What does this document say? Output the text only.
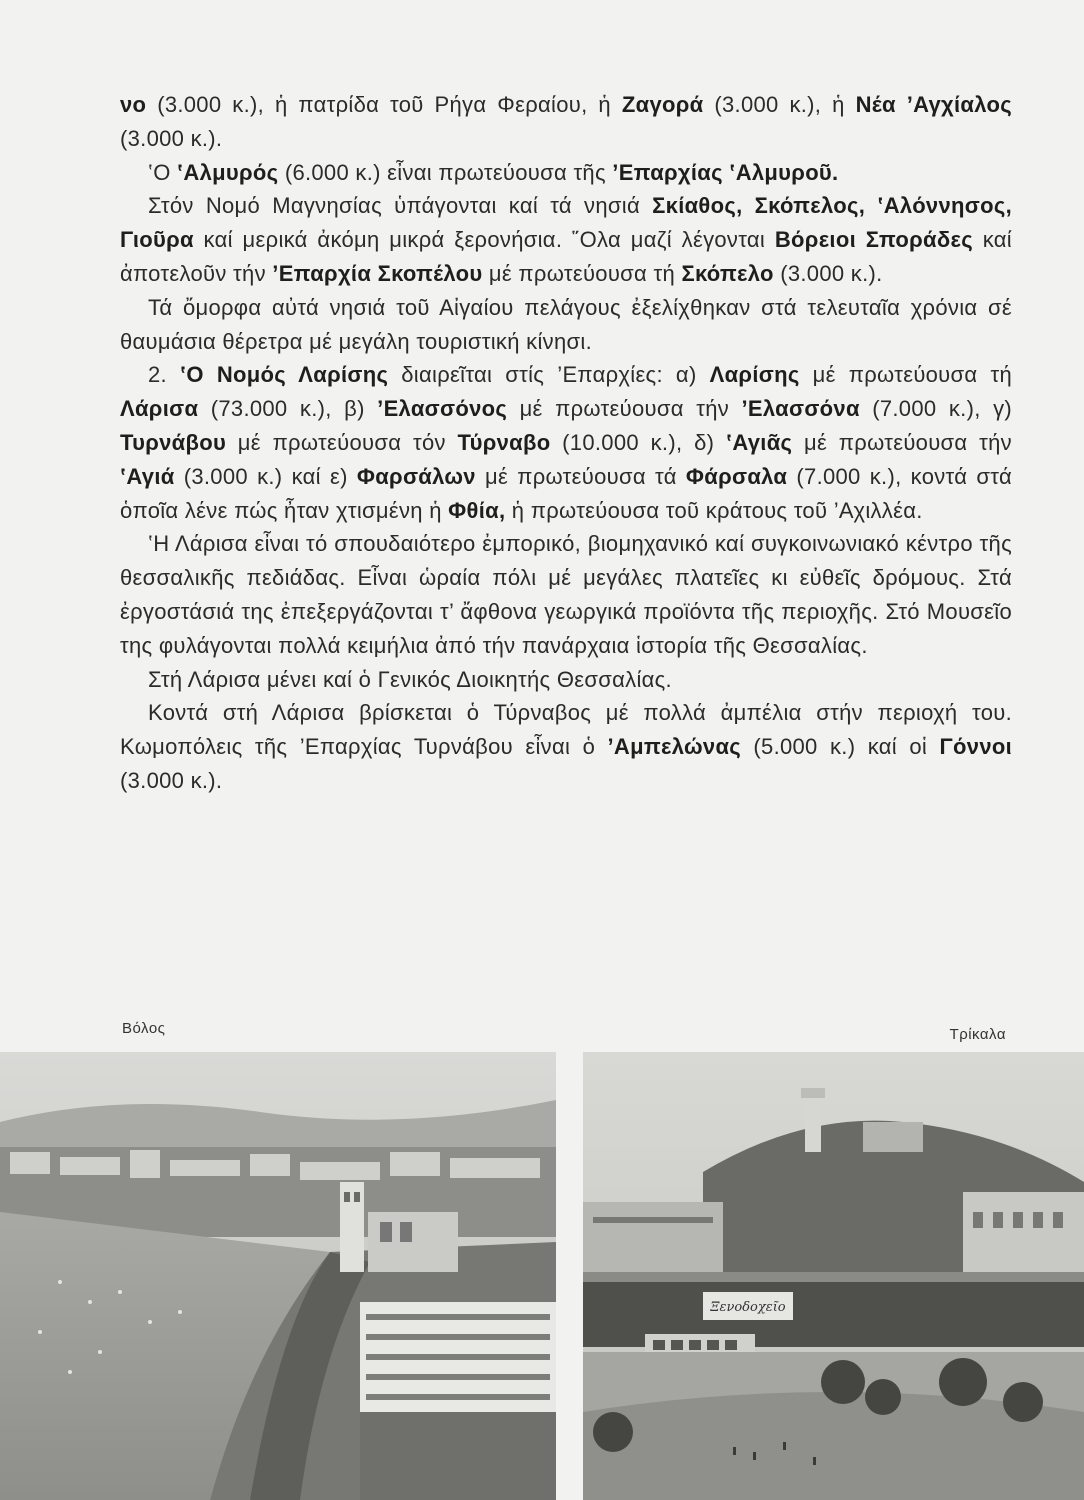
νο (3.000 κ.), ἡ πατρίδα τοῦ Ρήγα Φεραίου, ἡ Ζαγορά (3.000 κ.), ἡ Νέα ’Αγχίαλος (3.000 κ.).

‛Ο ‛Αλμυρός (6.000 κ.) εἶναι πρωτεύουσα τῆς ’Επαρχίας ‛Αλμυροῦ.

Στόν Νομό Μαγνησίας ὑπάγονται καί τά νησιά Σκίαθος, Σκόπελος, ‛Αλόννησος, Γιοῦρα καί μερικά ἀκόμη μικρά ξερονήσια. ῞Ολα μαζί λέγονται Βόρειοι Σποράδες καί ἀποτελοῦν τήν ’Επαρχία Σκοπέλου μέ πρωτεύουσα τή Σκόπελο (3.000 κ.).

Τά ὄμορφα αὐτά νησιά τοῦ Αἰγαίου πελάγους ἐξελίχθηκαν στά τελευταῖα χρόνια σέ θαυμάσια θέρετρα μέ μεγάλη τουριστική κίνησι.

2. ‛Ο Νομός Λαρίσης διαιρεῖται στίς ’Επαρχίες: α) Λαρίσης μέ πρωτεύουσα τή Λάρισα (73.000 κ.), β) ’Ελασσόνος μέ πρωτεύουσα τήν ’Ελασσόνα (7.000 κ.), γ) Τυρνάβου μέ πρωτεύουσα τόν Τύρναβο (10.000 κ.), δ) ‛Αγιᾶς μέ πρωτεύουσα τήν ‛Αγιά (3.000 κ.) καί ε) Φαρσάλων μέ πρωτεύουσα τά Φάρσαλα (7.000 κ.), κοντά στά ὁποῖα λένε πώς ἦταν χτισμένη ἡ Φθία, ἡ πρωτεύουσα τοῦ κράτους τοῦ ’Αχιλλέα.

‛Η Λάρισα εἶναι τό σπουδαιότερο ἐμπορικό, βιομηχανικό καί συγκοινωνιακό κέντρο τῆς θεσσαλικῆς πεδιάδας. Εἶναι ὡραία πόλι μέ μεγάλες πλατεῖες κι εὐθεῖς δρόμους. Στά ἐργοστάσιά της ἐπεξεργάζονται τ’ ἄφθονα γεωργικά προϊόντα τῆς περιοχῆς. Στό Μουσεῖο της φυλάγονται πολλά κειμήλια ἀπό τήν πανάρχαια ἱστορία τῆς Θεσσαλίας.

Στή Λάρισα μένει καί ὁ Γενικός Διοικητής Θεσσαλίας.

Κοντά στή Λάρισα βρίσκεται ὁ Τύρναβος μέ πολλά ἀμπέλια στήν περιοχή του. Κωμοπόλεις τῆς ’Επαρχίας Τυρνάβου εἶναι ὁ ’Αμπελώνας (5.000 κ.) καί οἱ Γόννοι (3.000 κ.).

Βόλος	Τρίκαλα
Ξενοδοχεῖο
